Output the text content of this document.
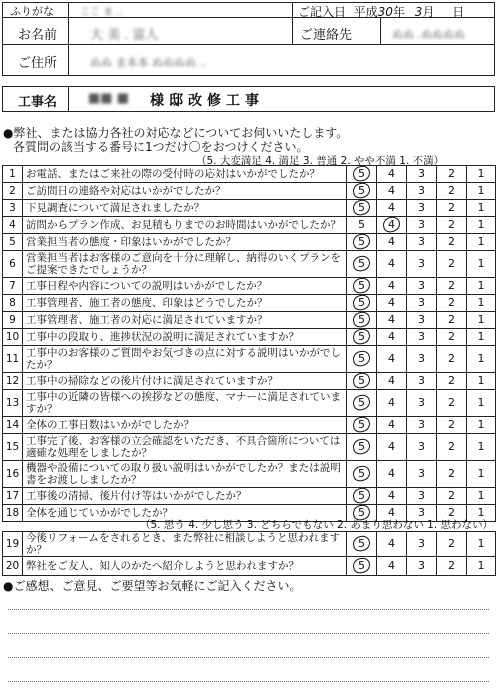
ふりがな	ここ ま ..	ご記入日 平成30年 3月 日
お名前	大 美 . 富人	ご連絡先	ぬぬ .ぬぬぬぬ
ご住所	ぬぬ ま本本 ぬぬぬぬ ..
工事名 ■■ ■ 様邸改修工事
●弊社、または協力各社の対応などについてお伺いいたします。
各質問の該当する番号に1つだけ〇をおつけください。
（5. 大変満足 4. 満足 3. 普通 2. やや不満 1. 不満）
1	お電話、またはご来社の際の受付時の応対はいかがでしたか？	5	4	3	2	1
2	ご訪問日の連絡や対応はいかがでしたか？	5	4	3	2	1
3	下見調査について満足されましたか？	5	4	3	2	1
4	訪問からプラン作成、お見積もりまでのお時間はいかがでしたか？	5	4	3	2	1
5	営業担当者の態度・印象はいかがでしたか？	5	4	3	2	1
6	営業担当者はお客様のご意向を十分に理解し、納得のいくプランをご提案できたでしょうか？	5	4	3	2	1
7	工事日程や内容についての説明はいかがでしたか？	5	4	3	2	1
8	工事管理者、施工者の態度、印象はどうでしたか？	5	4	3	2	1
9	工事管理者、施工者の対応に満足されていますか？	5	4	3	2	1
10	工事中の段取り、進捗状況の説明に満足されていますか？	5	4	3	2	1
11	工事中のお客様のご質問やお気づきの点に対する説明はいかがでしたか？	5	4	3	2	1
12	工事中の掃除などの後片付けに満足されていますか？	5	4	3	2	1
13	工事中の近隣の皆様への挨拶などの態度、マナーに満足されていますか？	5	4	3	2	1
14	全体の工事日数はいかがでしたか？	5	4	3	2	1
15	工事完了後、お客様の立会確認をいただき、不具合箇所については適確な処理をしましたか？	5	4	3	2	1
16	機器や設備についての取り扱い説明はいかがでしたか？または説明書をお渡ししましたか？	5	4	3	2	1
17	工事後の清掃、後片付け等はいかがでしたか？	5	4	3	2	1
18	全体を通じていかがでしたか？	5	4	3	2	1
（5. 思う 4. 少し思う 3. どちらでもない 2. あまり思わない 1. 思わない）
19	今後リフォームをされるとき、また弊社に相談しようと思われますか？	5	4	3	2	1
20	弊社をご友人、知人のかたへ紹介しようと思われますか？	5	4	3	2	1
●ご感想、ご意見、ご要望等お気軽にご記入ください。
